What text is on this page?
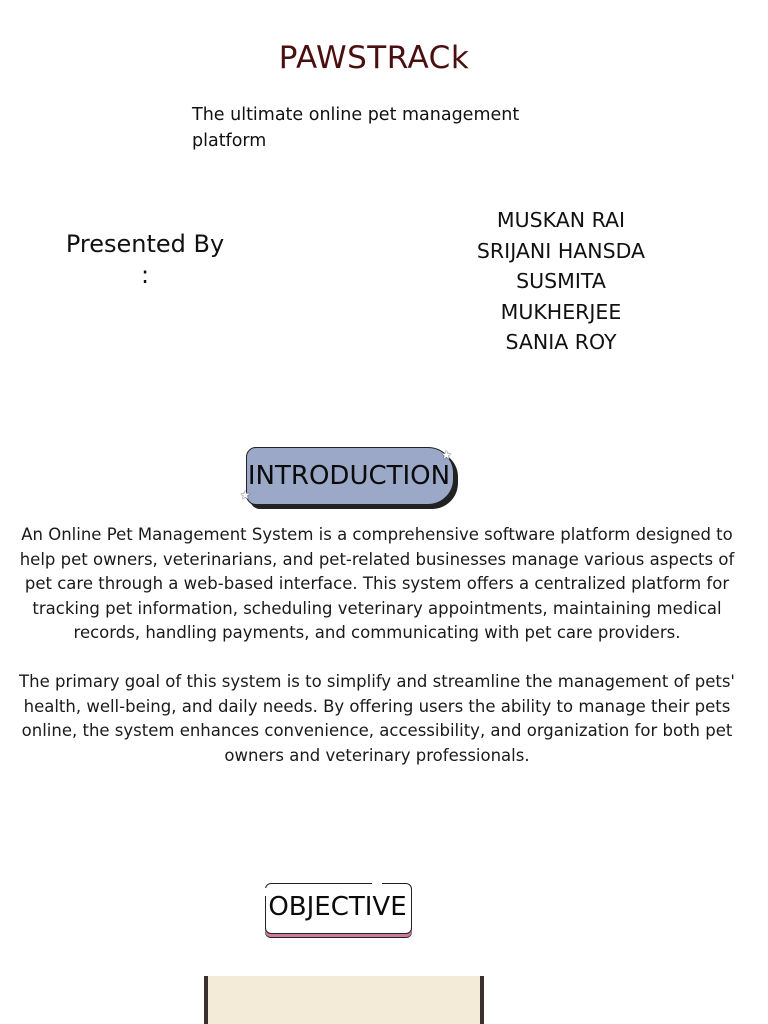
PAWSTRACk
The ultimate online pet management platform
Presented By
:
MUSKAN RAI
SRIJANI HANSDA
SUSMITA
MUKHERJEE
SANIA ROY
★
★
INTRODUCTION

An Online Pet Management System is a comprehensive software platform designed to help pet owners, veterinarians, and pet-related businesses manage various aspects of pet care through a web-based interface. This system offers a centralized platform for tracking pet information, scheduling veterinary appointments, maintaining medical records, handling payments, and communicating with pet care providers.

The primary goal of this system is to simplify and streamline the management of pets' health, well-being, and daily needs. By offering users the ability to manage their pets online, the system enhances convenience, accessibility, and organization for both pet owners and veterinary professionals.

OBJECTIVE
